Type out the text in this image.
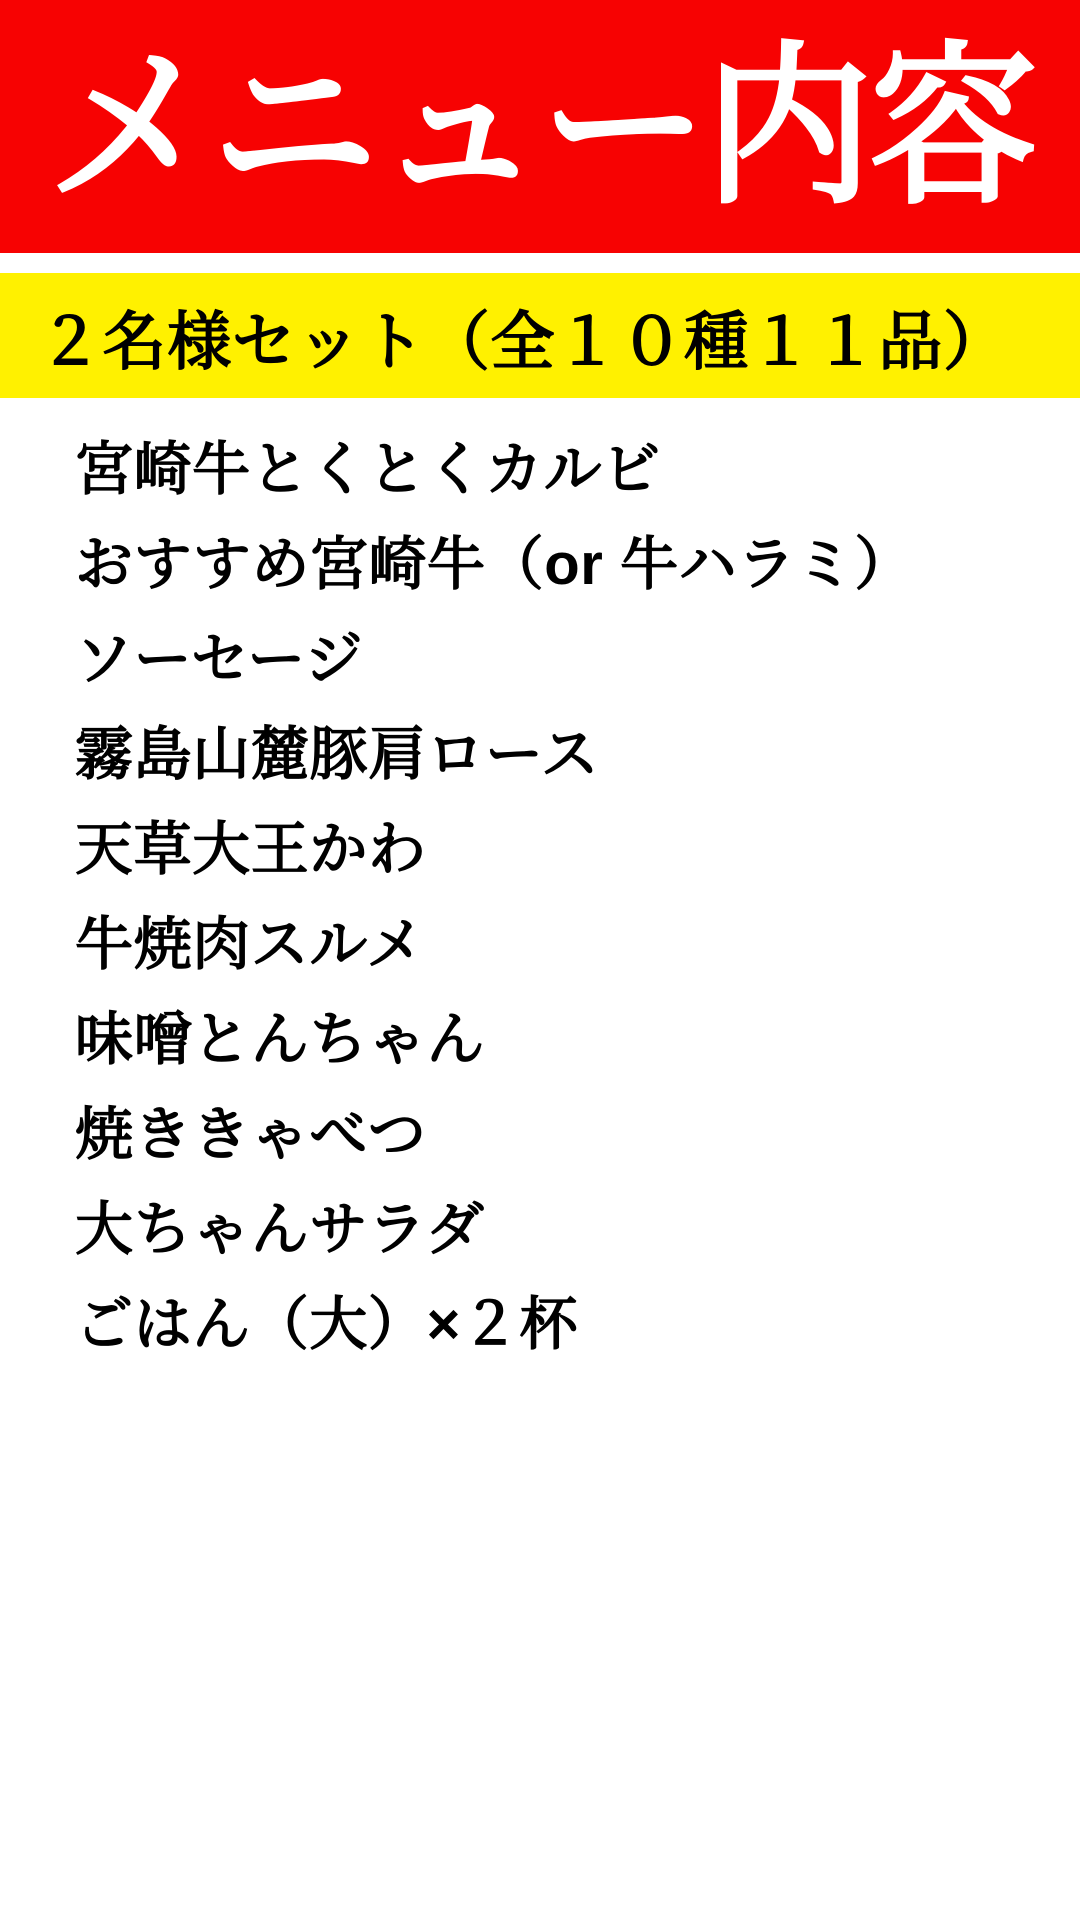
メニュー内容
２名様セット（全１０種１１品）
宮崎牛とくとくカルビ
おすすめ宮崎牛（or 牛ハラミ）
ソーセージ
霧島山麓豚肩ロース
天草大王かわ
牛焼肉スルメ
味噌とんちゃん
焼ききゃべつ
大ちゃんサラダ
ごはん（大）×２杯
